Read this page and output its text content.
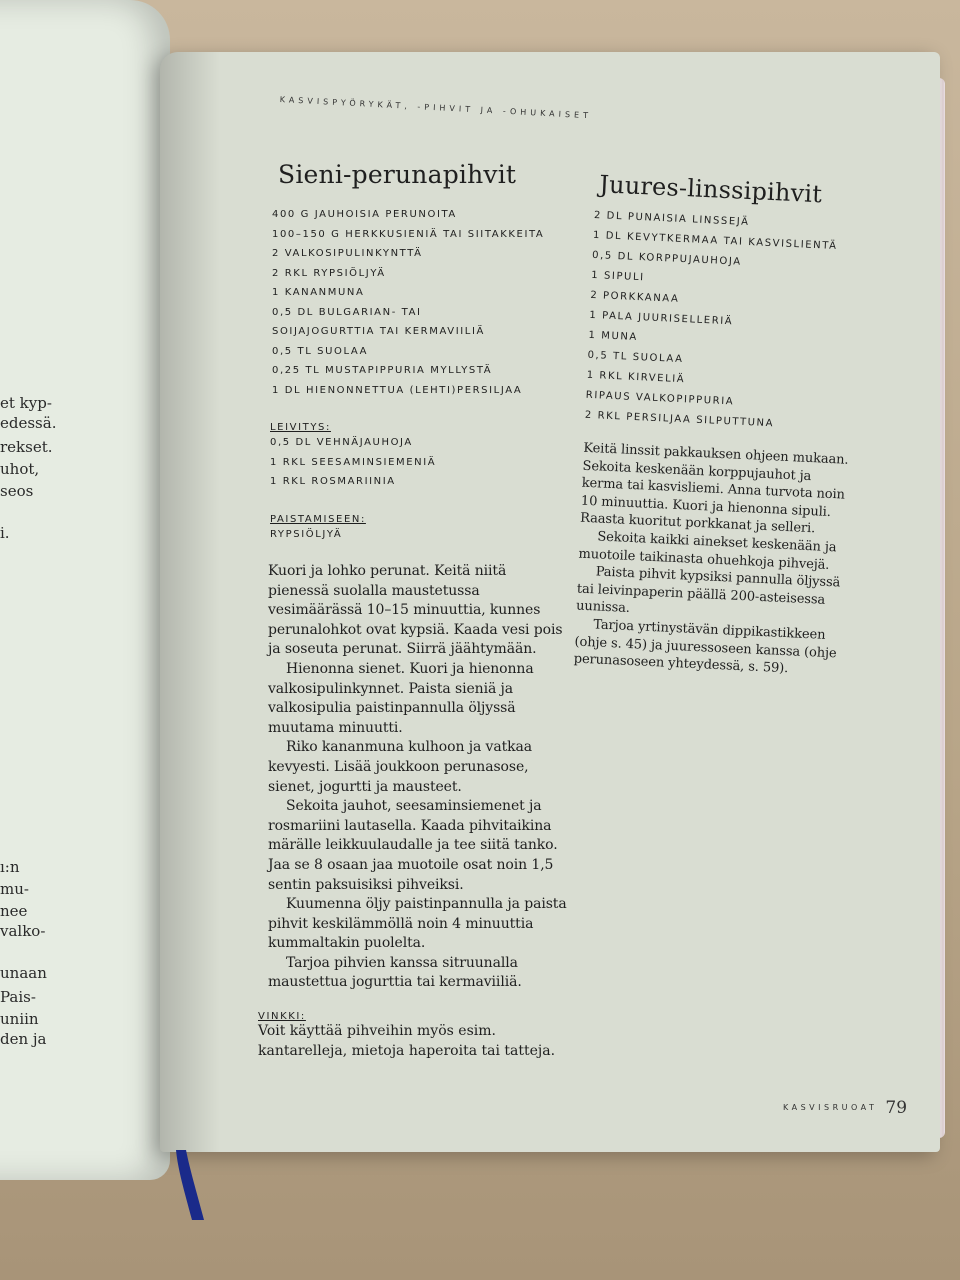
et kyp-
edessä.
rekset.
uhot,
seos
i.
ı:n
mu-
nee
valko-
unaan
Pais-
uniin
den ja
KASVISPYÖRYKÄT, -PIHVIT JA -OHUKAISET
Sieni-perunapihvit
400 G JAUHOISIA PERUNOITA
100–150 G HERKKUSIENIÄ TAI SIITAKKEITA
2 VALKOSIPULINKYNTTÄ
2 RKL RYPSIÖLJYÄ
1 KANANMUNA
0,5 DL BULGARIAN- TAI
SOIJAJOGURTTIA TAI KERMAVIILIÄ
0,5 TL SUOLAA
0,25 TL MUSTAPIPPURIA MYLLYSTÄ
1 DL HIENONNETTUA (LEHTI)PERSILJAA
LEIVITYS:
0,5 DL VEHNÄJAUHOJA
1 RKL SEESAMINSIEMENIÄ
1 RKL ROSMARIINIA
PAISTAMISEEN:
RYPSIÖLJYÄ

Kuori ja lohko perunat. Keitä niitä pienessä suolalla maustetussa vesimäärässä 10–15 minuuttia, kunnes perunalohkot ovat kypsiä. Kaada vesi pois ja soseuta perunat. Siirrä jäähtymään.

Hienonna sienet. Kuori ja hienonna valkosipulinkynnet. Paista sieniä ja valkosipulia paistinpannulla öljyssä muutama minuutti.

Riko kananmuna kulhoon ja vatkaa kevyesti. Lisää joukkoon perunasose, sienet, jogurtti ja mausteet.

Sekoita jauhot, seesaminsiemenet ja rosmariini lautasella. Kaada pihvitaikina märälle leikkuulaudalle ja tee siitä tanko. Jaa se 8 osaan jaa muotoile osat noin 1,5 sentin paksuisiksi pihveiksi.

Kuumenna öljy paistinpannulla ja paista pihvit keskilämmöllä noin 4 minuuttia kummaltakin puolelta.

Tarjoa pihvien kanssa sitruunalla maustettua jogurttia tai kermaviiliä.

VINKKI:
Voit käyttää pihveihin myös esim. kantarelleja, mietoja haperoita tai tatteja.
Juures-linssipihvit
2 DL PUNAISIA LINSSEJÄ
1 DL KEVYTKERMAA TAI KASVISLIENTÄ
0,5 DL KORPPUJAUHOJA
1 SIPULI
2 PORKKANAA
1 PALA JUURISELLERIÄ
1 MUNA
0,5 TL SUOLAA
1 RKL KIRVELIÄ
RIPAUS VALKOPIPPURIA
2 RKL PERSILJAA SILPUTTUNA

Keitä linssit pakkauksen ohjeen mukaan. Sekoita keskenään korppujauhot ja kerma tai kasvisliemi. Anna turvota noin 10 minuuttia. Kuori ja hienonna sipuli. Raasta kuoritut porkkanat ja selleri.

Sekoita kaikki ainekset keskenään ja muotoile taikinasta ohuehkoja pihvejä.

Paista pihvit kypsiksi pannulla öljyssä tai leivinpaperin päällä 200-asteisessa uunissa.

Tarjoa yrtinystävän dippikastikkeen (ohje s. 45) ja juuressoseen kanssa (ohje perunasoseen yhteydessä, s. 59).

KASVISRUOAT 79
